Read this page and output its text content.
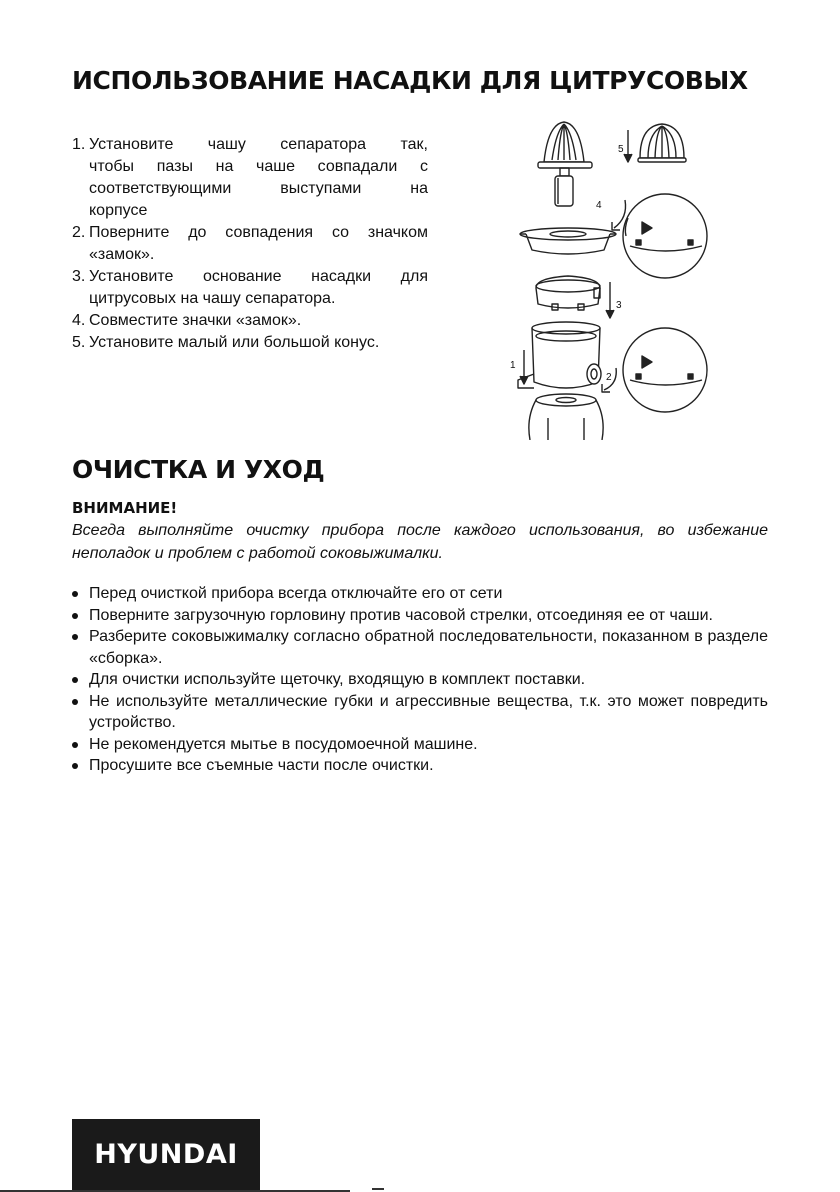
ИСПОЛЬЗОВАНИЕ НАСАДКИ ДЛЯ ЦИТРУСОВЫХ
1. Установите чашу сепаратора так,
чтобы пазы на чаше совпадали с
соответствующими выступами на
корпусе
2. Поверните до совпадения со значком
«замок».
3. Установите основание насадки для
цитрусовых на чашу сепаратора.
4. Совместите значки «замок».
5. Установите малый или большой конус.
5
4
3
1
2
ОЧИСТКА И УХОД
ВНИМАНИЕ!

Всегда выполняйте очистку прибора после каждого использования, во избежание неполадок и проблем с работой соковыжималки.

Перед очисткой прибора всегда отключайте его от сети
Поверните загрузочную горловину против часовой стрелки, отсоединяя ее от чаши.
Разберите соковыжималку согласно обратной последовательности, показанном в разделе «сборка».
Для очистки используйте щеточку, входящую в комплект поставки.
Не используйте металлические губки и агрессивные вещества, т.к. это может повредить устройство.
Не рекомендуется мытье в посудомоечной машине.
Просушите все съемные части после очистки.
HYUNDAI
